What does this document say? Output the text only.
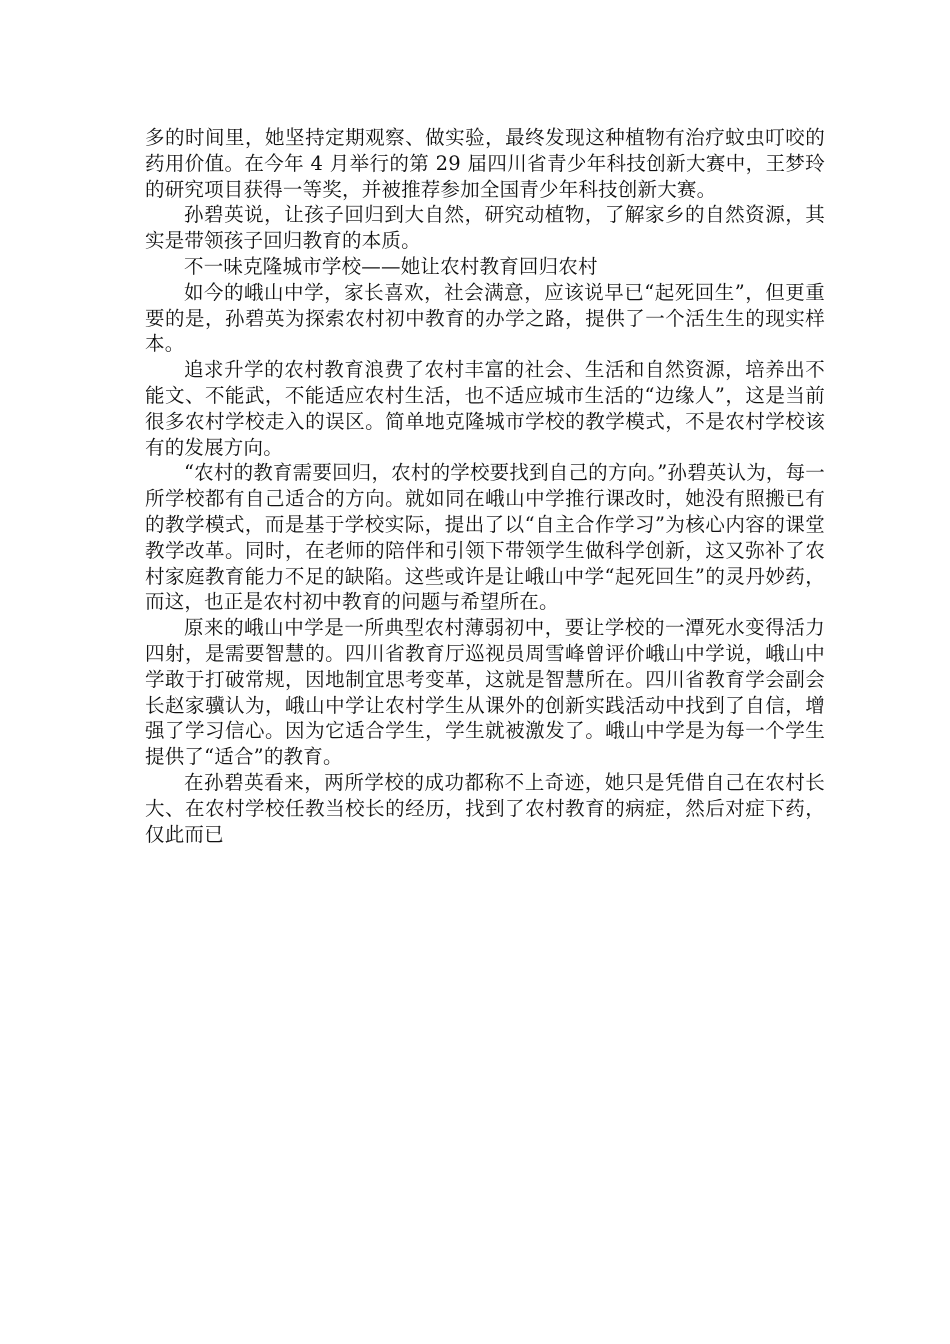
多的时间里，她坚持定期观察、做实验，最终发现这种植物有治疗蚊虫叮咬的药用价值。在今年 4 月举行的第 29 届四川省青少年科技创新大赛中，王梦玲的研究项目获得一等奖，并被推荐参加全国青少年科技创新大赛。

孙碧英说，让孩子回归到大自然，研究动植物，了解家乡的自然资源，其实是带领孩子回归教育的本质。

不一味克隆城市学校——她让农村教育回归农村

如今的峨山中学，家长喜欢，社会满意，应该说早已“起死回生”，但更重要的是，孙碧英为探索农村初中教育的办学之路，提供了一个活生生的现实样本。

追求升学的农村教育浪费了农村丰富的社会、生活和自然资源，培养出不能文、不能武，不能适应农村生活，也不适应城市生活的“边缘人”，这是当前很多农村学校走入的误区。简单地克隆城市学校的教学模式，不是农村学校该有的发展方向。

“农村的教育需要回归，农村的学校要找到自己的方向。”孙碧英认为，每一所学校都有自己适合的方向。就如同在峨山中学推行课改时，她没有照搬已有的教学模式，而是基于学校实际，提出了以“自主合作学习”为核心内容的课堂教学改革。同时，在老师的陪伴和引领下带领学生做科学创新，这又弥补了农村家庭教育能力不足的缺陷。这些或许是让峨山中学“起死回生”的灵丹妙药，而这，也正是农村初中教育的问题与希望所在。

原来的峨山中学是一所典型农村薄弱初中，要让学校的一潭死水变得活力四射，是需要智慧的。四川省教育厅巡视员周雪峰曾评价峨山中学说，峨山中学敢于打破常规，因地制宜思考变革，这就是智慧所在。四川省教育学会副会长赵家骥认为，峨山中学让农村学生从课外的创新实践活动中找到了自信，增强了学习信心。因为它适合学生，学生就被激发了。峨山中学是为每一个学生提供了“适合”的教育。

在孙碧英看来，两所学校的成功都称不上奇迹，她只是凭借自己在农村长大、在农村学校任教当校长的经历，找到了农村教育的病症，然后对症下药，仅此而已
